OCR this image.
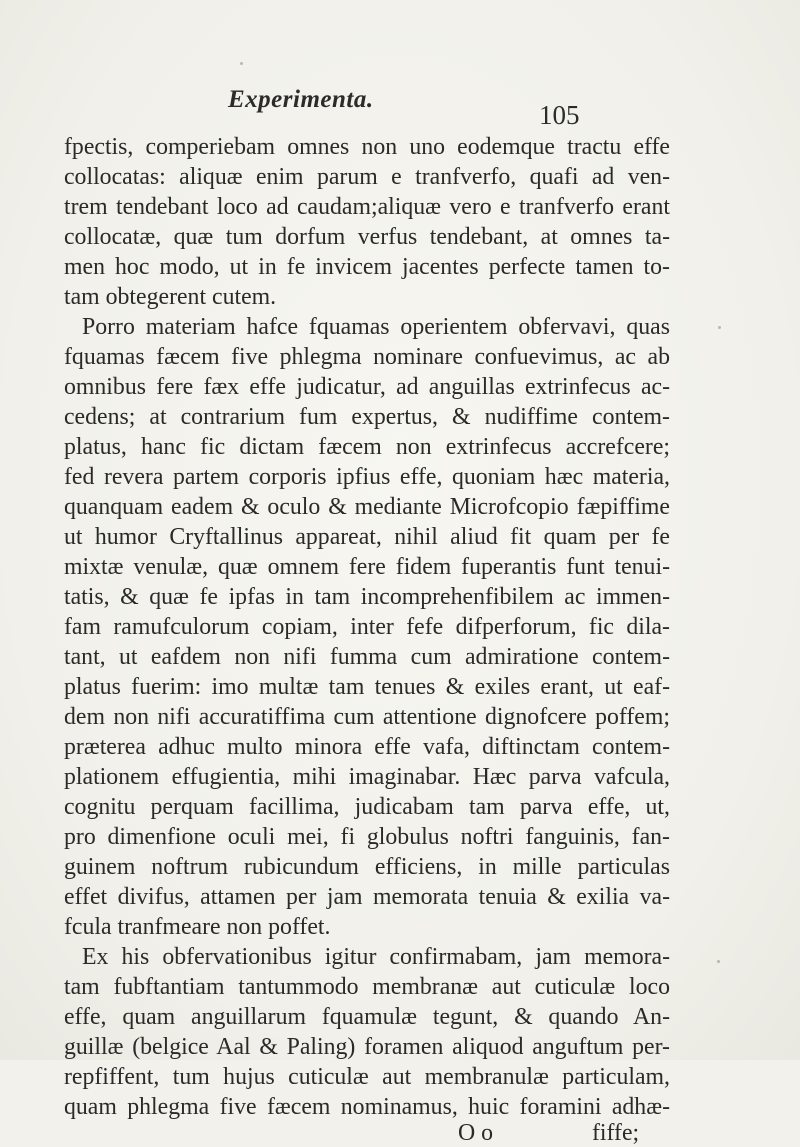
Experimenta.
105
fpectis, comperiebam omnes non uno eodemque tractu effe
collocatas: aliquæ enim parum e tranfverfo, quafi ad ven-
trem tendebant loco ad caudam;aliquæ vero e tranfverfo erant
collocatæ, quæ tum dorfum verfus tendebant, at omnes ta-
men hoc modo, ut in fe invicem jacentes perfecte tamen to-
tam obtegerent cutem.
Porro materiam hafce fquamas operientem obfervavi, quas
fquamas fæcem five phlegma nominare confuevimus, ac ab
omnibus fere fæx effe judicatur, ad anguillas extrinfecus ac-
cedens; at contrarium fum expertus, & nudiffime contem-
platus, hanc fic dictam fæcem non extrinfecus accrefcere;
fed revera partem corporis ipfius effe, quoniam hæc materia,
quanquam eadem & oculo & mediante Microfcopio fæpiffime
ut humor Cryftallinus appareat, nihil aliud fit quam per fe
mixtæ venulæ, quæ omnem fere fidem fuperantis funt tenui-
tatis, & quæ fe ipfas in tam incomprehenfibilem ac immen-
fam ramufculorum copiam, inter fefe difperforum, fic dila-
tant, ut eafdem non nifi fumma cum admiratione contem-
platus fuerim: imo multæ tam tenues & exiles erant, ut eaf-
dem non nifi accuratiffima cum attentione dignofcere poffem;
præterea adhuc multo minora effe vafa, diftinctam contem-
plationem effugientia, mihi imaginabar. Hæc parva vafcula,
cognitu perquam facillima, judicabam tam parva effe, ut,
pro dimenfione oculi mei, fi globulus noftri fanguinis, fan-
guinem noftrum rubicundum efficiens, in mille particulas
effet divifus, attamen per jam memorata tenuia & exilia va-
fcula tranfmeare non poffet.
Ex his obfervationibus igitur confirmabam, jam memora-
tam fubftantiam tantummodo membranæ aut cuticulæ loco
effe, quam anguillarum fquamulæ tegunt, & quando An-
guillæ (belgice Aal & Paling) foramen aliquod anguftum per-
repfiffent, tum hujus cuticulæ aut membranulæ particulam,
quam phlegma five fæcem nominamus, huic foramini adhæ-
O o	fiffe;
